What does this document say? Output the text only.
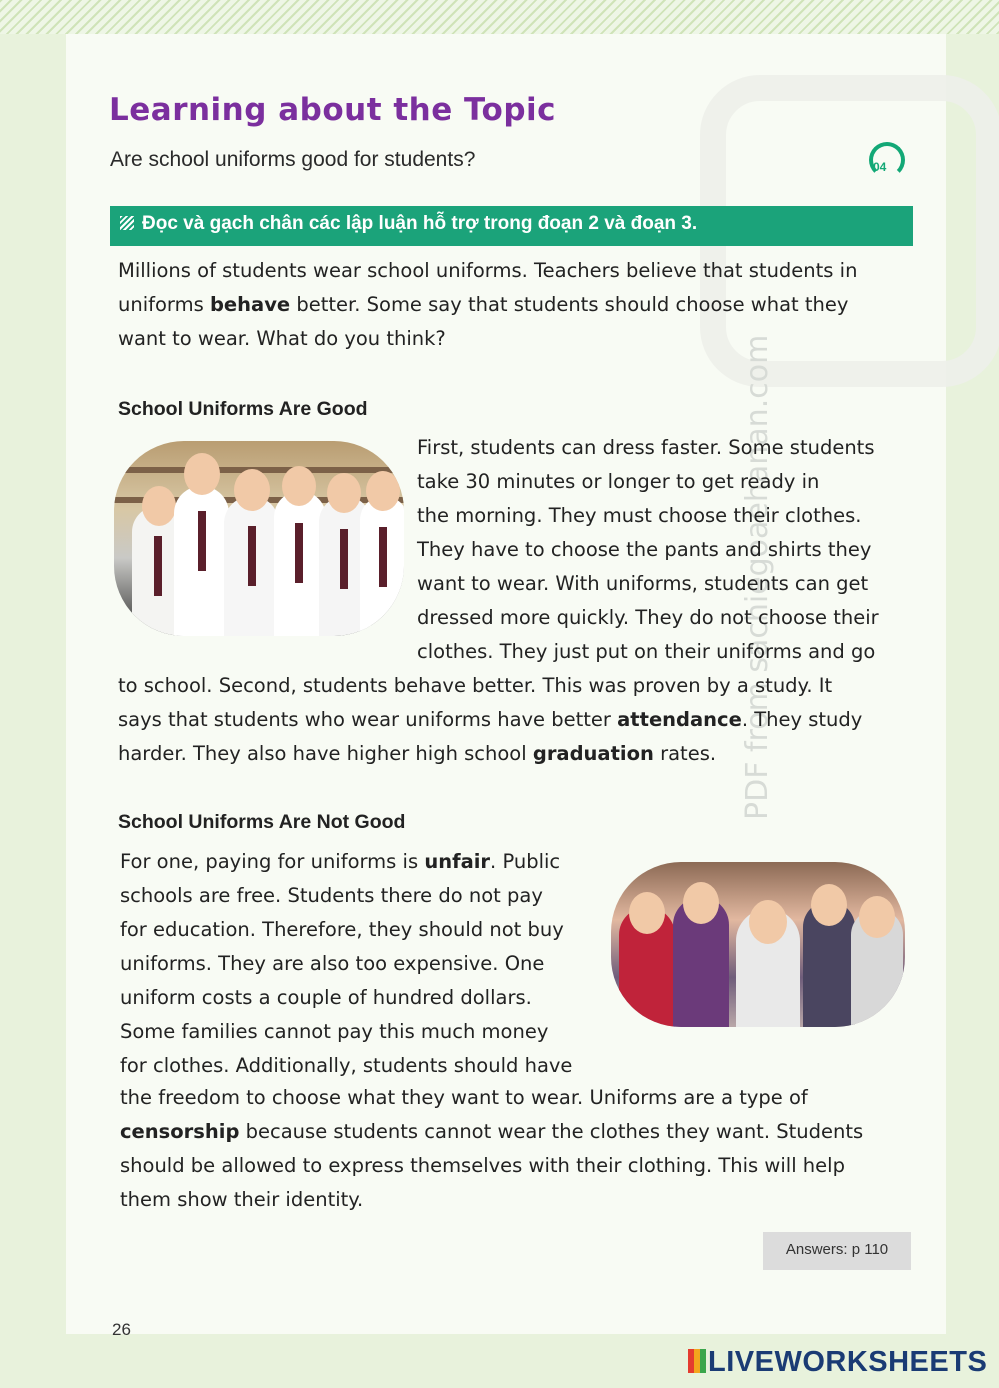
PDF from sachiegoaehanan.com
Learning about the Topic
Are school uniforms good for students?	04
Đọc và gạch chân các lập luận hỗ trợ trong đoạn 2 và đoạn 3.

Millions of students wear school uniforms. Teachers believe that students in
uniforms behave better. Some say that students should choose what they
want to wear. What do you think?

School Uniforms Are Good

First, students can dress faster. Some students
take 30 minutes or longer to get ready in
the morning. They must choose their clothes.
They have to choose the pants and shirts they
want to wear. With uniforms, students can get
dressed more quickly. They do not choose their
clothes. They just put on their uniforms and go

to school. Second, students behave better. This was proven by a study. It
says that students who wear uniforms have better attendance. They study
harder. They also have higher high school graduation rates.

School Uniforms Are Not Good

For one, paying for uniforms is unfair. Public
schools are free. Students there do not pay
for education. Therefore, they should not buy
uniforms. They are also too expensive. One
uniform costs a couple of hundred dollars.
Some families cannot pay this much money
for clothes. Additionally, students should have

the freedom to choose what they want to wear. Uniforms are a type of
censorship because students cannot wear the clothes they want. Students
should be allowed to express themselves with their clothing. This will help
them show their identity.

Answers: p 110
26
LIVEWORKSHEETS
